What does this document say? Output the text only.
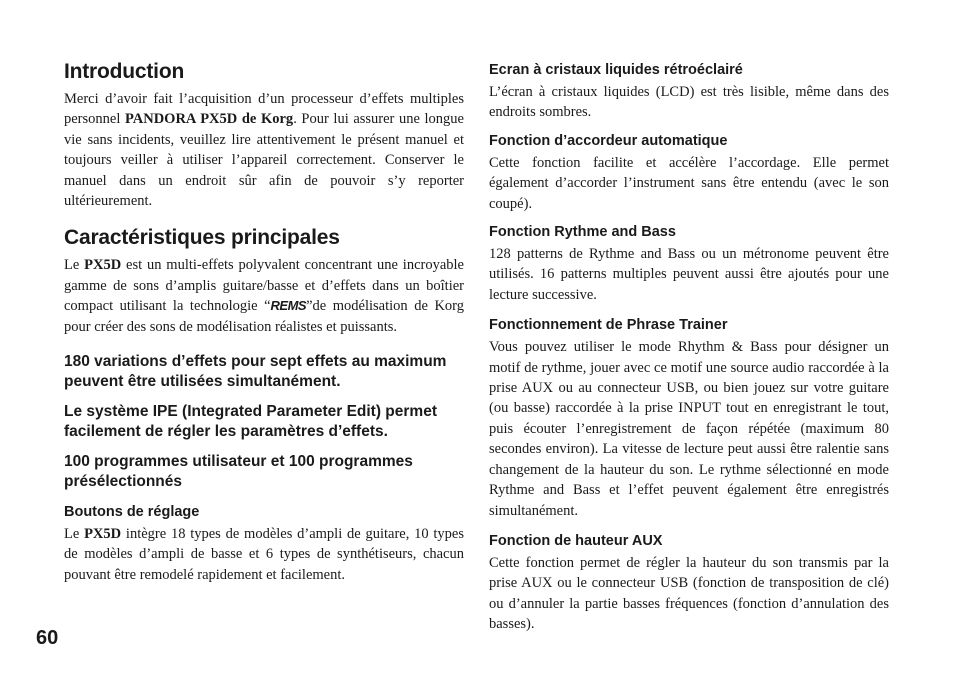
Introduction

Merci d’avoir fait l’acquisition d’un processeur d’effets multiples personnel PANDORA PX5D de Korg. Pour lui assurer une longue vie sans incidents, veuillez lire attentivement le présent manuel et toujours veiller à utiliser l’appareil correctement. Conserver le manuel dans un endroit sûr afin de pouvoir s’y reporter ultérieurement.

Caractéristiques principales

Le PX5D est un multi-effets polyvalent concentrant une incroyable gamme de sons d’amplis guitare/basse et d’effets dans un boîtier compact utilisant la technologie “REMS”de modélisation de Korg pour créer des sons de modélisation réalistes et puissants.

180 variations d’effets pour sept effets au maximum peuvent être utilisées simultanément.
Le système IPE (Integrated Parameter Edit) permet facilement de régler les paramètres d’effets.
100 programmes utilisateur et 100 programmes présélectionnés
Boutons de réglage

Le PX5D intègre 18 types de modèles d’ampli de guitare, 10 types de modèles d’ampli de basse et 6 types de synthétiseurs, chacun pouvant être remodelé rapidement et facilement.

Ecran à cristaux liquides rétroéclairé

L’écran à cristaux liquides (LCD) est très lisible, même dans des endroits sombres.

Fonction d’accordeur automatique

Cette fonction facilite et accélère l’accordage. Elle permet également d’accorder l’instrument sans être entendu (avec le son coupé).

Fonction Rythme and Bass

128 patterns de Rythme and Bass ou un métronome peuvent être utilisés. 16 patterns multiples peuvent aussi être ajoutés pour une lecture successive.

Fonctionnement de Phrase Trainer

Vous pouvez utiliser le mode Rhythm & Bass pour désigner un motif de rythme, jouer avec ce motif une source audio raccordée à la prise AUX ou au connecteur USB, ou bien jouez sur votre guitare (ou basse) raccordée à la prise INPUT tout en enregistrant le tout, puis écouter l’enregistrement de façon répétée (maximum 80 secondes environ). La vitesse de lecture peut aussi être ralentie sans changement de la hauteur du son. Le rythme sélectionné en mode Rythme and Bass et l’effet peuvent également être enregistrés simultanément.

Fonction de hauteur AUX

Cette fonction permet de régler la hauteur du son transmis par la prise AUX ou le connecteur USB (fonction de transposition de clé) ou d’annuler la partie basses fréquences (fonction d’annulation des basses).

60
